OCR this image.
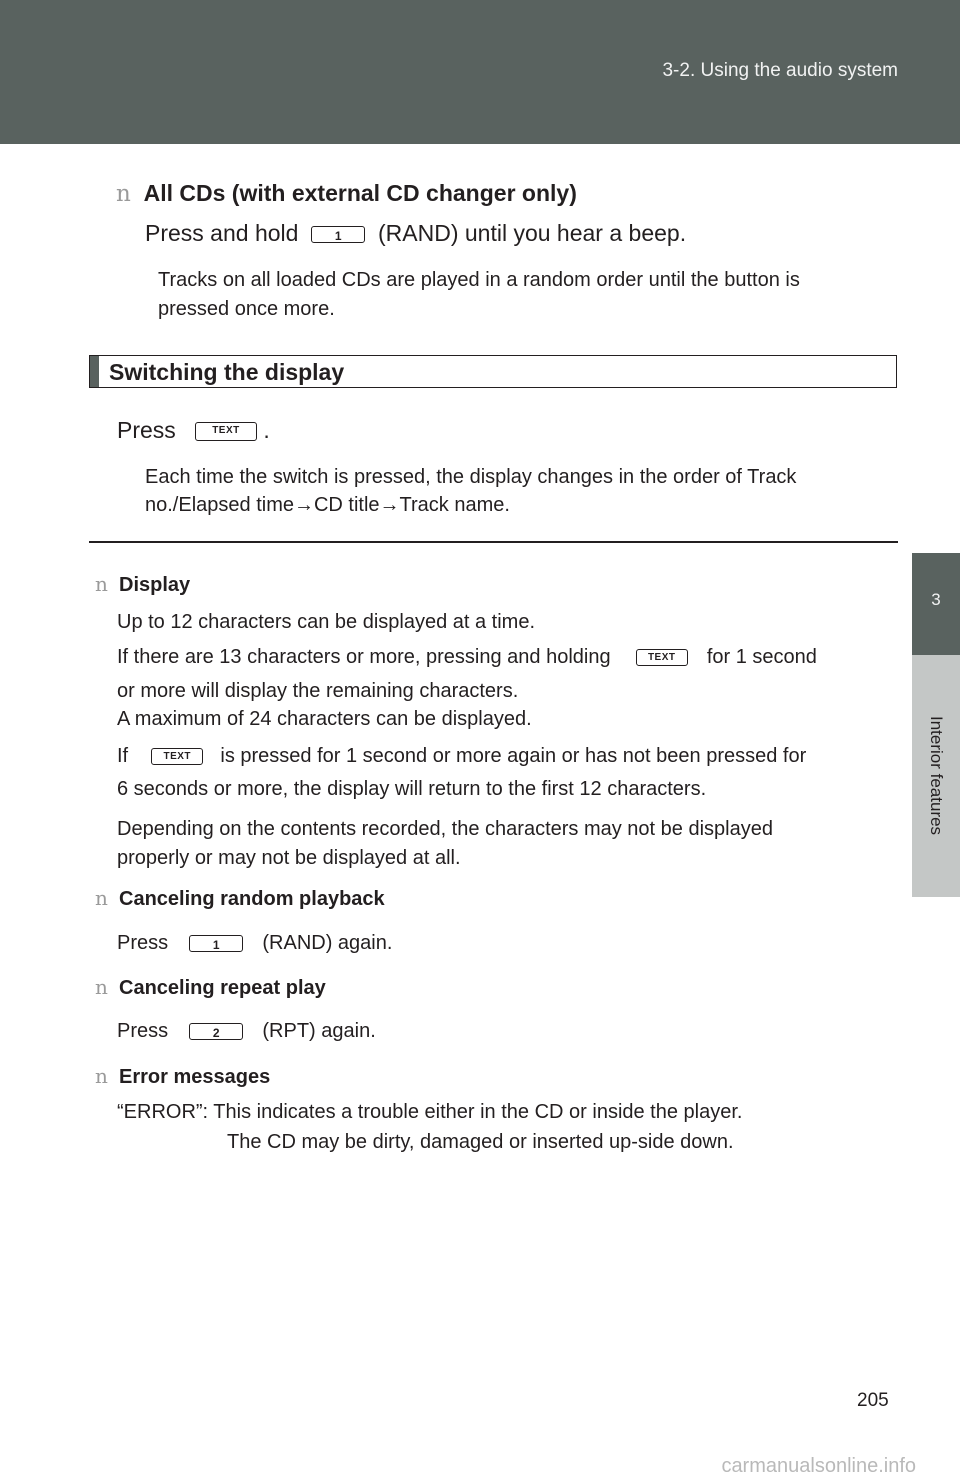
3-2. Using the audio system
3
Interior features
n All CDs (with external CD changer only)
Press and hold	1 (RAND) until you hear a beep.
Tracks on all loaded CDs are played in a random order until the button is
pressed once more.
Switching the display
Press	TEXT .
Each time the switch is pressed, the display changes in the order of Track
no./Elapsed time→CD title→Track name.
n Display
Up to 12 characters can be displayed at a time.
If there are 13 characters or more, pressing and holding	TEXT for 1 second
or more will display the remaining characters.
A maximum of 24 characters can be displayed.
If	TEXT is pressed for 1 second or more again or has not been pressed for
6 seconds or more, the display will return to the first 12 characters.
Depending on the contents recorded, the characters may not be displayed
properly or may not be displayed at all.
n Canceling random playback
Press	1 (RAND) again.
n Canceling repeat play
Press	2 (RPT) again.
n Error messages
“ERROR”: This indicates a trouble either in the CD or inside the player.
The CD may be dirty, damaged or inserted up-side down.
205
carmanualsonline.info
